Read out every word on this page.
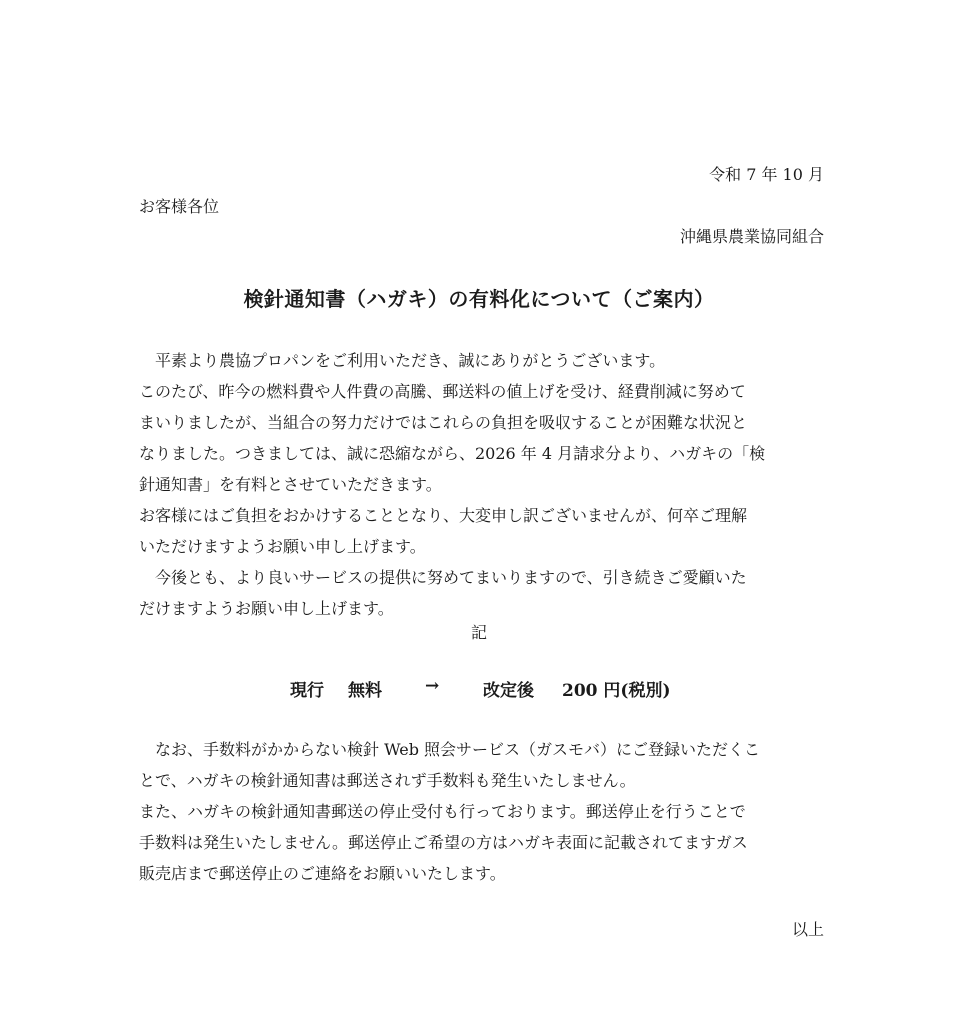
令和 7 年 10 月
お客様各位
沖縄県農業協同組合
検針通知書（ハガキ）の有料化について（ご案内）
平素より農協プロパンをご利用いただき、誠にありがとうございます。
このたび、昨今の燃料費や人件費の高騰、郵送料の値上げを受け、経費削減に努めて
まいりましたが、当組合の努力だけではこれらの負担を吸収することが困難な状況と
なりました。つきましては、誠に恐縮ながら、2026 年 4 月請求分より、ハガキの「検
針通知書」を有料とさせていただきます。
お客様にはご負担をおかけすることとなり、大変申し訳ございませんが、何卒ご理解
いただけますようお願い申し上げます。
今後とも、より良いサービスの提供に努めてまいりますので、引き続きご愛顧いた
だけますようお願い申し上げます。
記
現行 無料	→	改定後 200 円(税別)
なお、手数料がかからない検針 Web 照会サービス（ガスモバ）にご登録いただくこ
とで、ハガキの検針通知書は郵送されず手数料も発生いたしません。
また、ハガキの検針通知書郵送の停止受付も行っております。郵送停止を行うことで
手数料は発生いたしません。郵送停止ご希望の方はハガキ表面に記載されてますガス
販売店まで郵送停止のご連絡をお願いいたします。
以上
